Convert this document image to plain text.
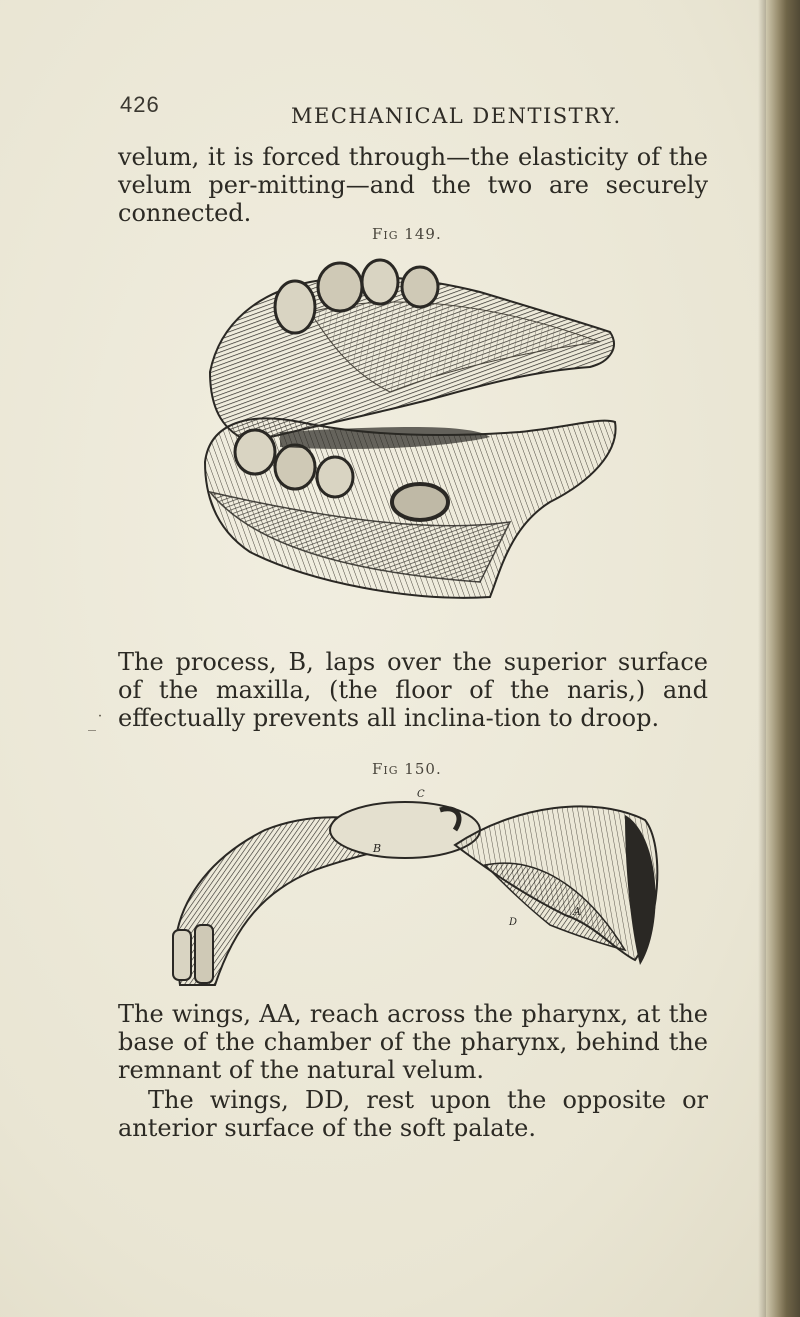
426	MECHANICAL DENTISTRY.

velum, it is forced through—the elasticity of the velum per-mitting—and the two are securely connected.

Fig 149.

The process, B, laps over the superior surface of the maxilla, (the floor of the naris,) and effectually prevents all inclina-tion to droop.

_˙
Fig 150.
B
C
D
A

The wings, AA, reach across the pharynx, at the base of the chamber of the pharynx, behind the remnant of the natural velum.

The wings, DD, rest upon the opposite or anterior surface of the soft palate.
